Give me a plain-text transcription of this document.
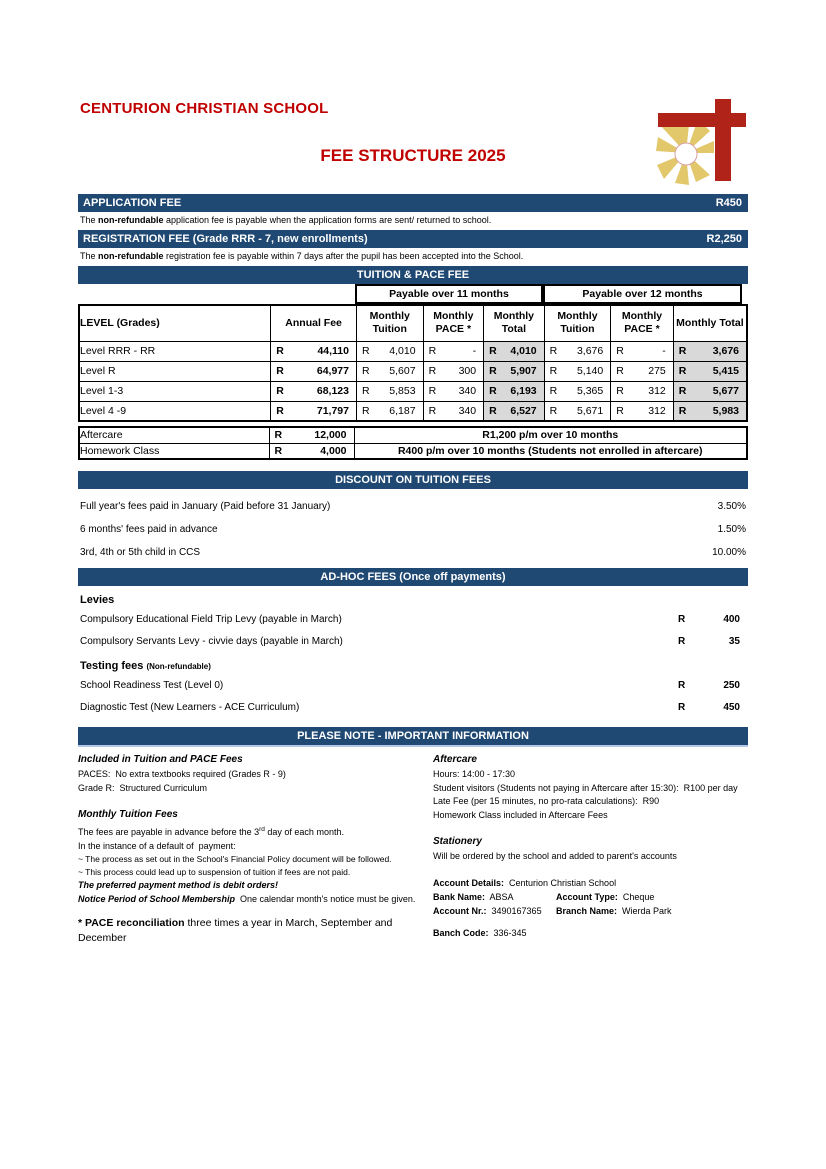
CENTURION CHRISTIAN SCHOOL
FEE STRUCTURE 2025
APPLICATION FEE	R450
The non-refundable application fee is payable when the application forms are sent/ returned to school.
REGISTRATION FEE (Grade RRR - 7, new enrollments)	R2,250
The non-refundable registration fee is payable within 7 days after the pupil has been accepted into the School.
TUITION & PACE FEE
Payable over 11 months	Payable over 12 months
LEVEL (Grades)	Annual Fee	Monthly Tuition	Monthly PACE *	Monthly Total	Monthly Tuition	Monthly PACE *	Monthly Total
Level RRR - RR	R 44,110	R 4,010	R -	R 4,010	R 3,676	R -	R 3,676

Level R	R 64,977	R 5,607	R 300	R 5,907	R 5,140	R 275	R 5,415

Level 1-3	R 68,123	R 5,853	R 340	R 6,193	R 5,365	R 312	R 5,677

Level 4 -9	R 71,797	R 6,187	R 340	R 6,527	R 5,671	R 312	R 5,983
Aftercare	R 12,000	R1,200 p/m over 10 months
Homework Class	R 4,000	R400 p/m over 10 months (Students not enrolled in aftercare)
DISCOUNT ON TUITION FEES
Full year's fees paid in January (Paid before 31 January)	3.50%
6 months' fees paid in advance	1.50%
3rd, 4th or 5th child in CCS	10.00%
AD-HOC FEES (Once off payments)
Levies
Compulsory Educational Field Trip Levy (payable in March)	R	400
Compulsory Servants Levy - civvie days (payable in March)	R	35
Testing fees (Non-refundable)
School Readiness Test (Level 0)	R	250
Diagnostic Test (New Learners - ACE Curriculum)	R	450
PLEASE NOTE - IMPORTANT INFORMATION
Included in Tuition and PACE Fees
PACES:  No extra textbooks required (Grades R - 9)
Grade R:  Structured Curriculum
Monthly Tuition Fees
The fees are payable in advance before the 3rd day of each month.
In the instance of a default of  payment:
~ The process as set out in the School's Financial Policy document will be followed.
~ This process could lead up to suspension of tuition if fees are not paid.
The preferred payment method is debit orders!
Notice Period of School Membership  One calendar month's notice must be given.
* PACE reconciliation three times a year in March, September and December
Aftercare
Hours: 14:00 - 17:30
Student visitors (Students not paying in Aftercare after 15:30):  R100 per day
Late Fee (per 15 minutes, no pro-rata calculations):  R90
Homework Class included in Aftercare Fees
Stationery
Will be ordered by the school and added to parent's accounts
Account Details:  Centurion Christian School
Bank Name:  ABSA	Account Type:  Cheque
Account Nr.:  3490167365	Branch Name:  Wierda Park
Banch Code:  336-345
